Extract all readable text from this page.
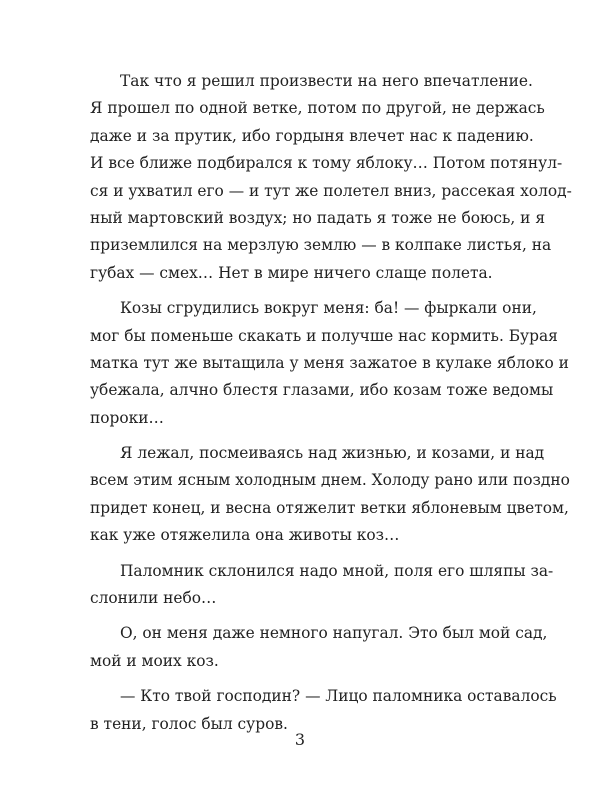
Так что я решил произвести на него впечатление.
Я прошел по одной ветке, потом по другой, не держась
даже и за прутик, ибо гордыня влечет нас к падению.
И все ближе подбирался к тому яблоку… Потом потянул-
ся и ухватил его — и тут же полетел вниз, рассекая холод-
ный мартовский воздух; но падать я тоже не боюсь, и я
приземлился на мерзлую землю — в колпаке листья, на
губах — смех… Нет в мире ничего слаще полета.
Козы сгрудились вокруг меня: ба! — фыркали они,
мог бы поменьше скакать и получше нас кормить. Бурая
матка тут же вытащила у меня зажатое в кулаке яблоко и
убежала, алчно блестя глазами, ибо козам тоже ведомы
пороки…
Я лежал, посмеиваясь над жизнью, и козами, и над
всем этим ясным холодным днем. Холоду рано или поздно
придет конец, и весна отяжелит ветки яблоневым цветом,
как уже отяжелила она животы коз…
Паломник склонился надо мной, поля его шляпы за-
слонили небо…
О, он меня даже немного напугал. Это был мой сад,
мой и моих коз.
— Кто твой господин? — Лицо паломника оставалось
в тени, голос был суров.
3
